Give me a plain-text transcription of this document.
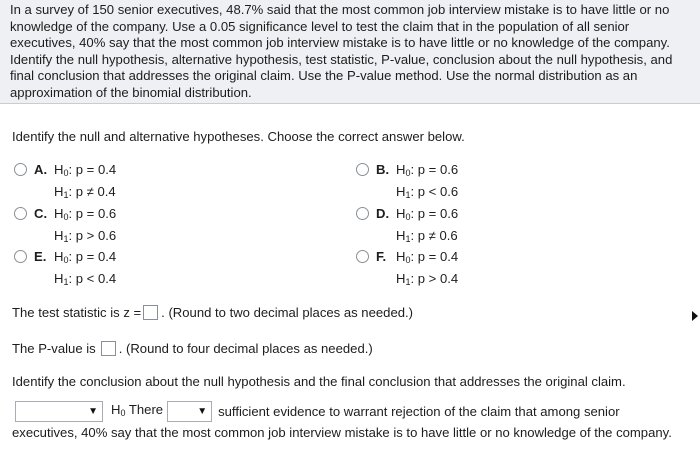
In a survey of 150 senior executives, 48.7% said that the most common job interview mistake is to have little or no knowledge of the company. Use a 0.05 significance level to test the claim that in the population of all senior executives, 40% say that the most common job interview mistake is to have little or no knowledge of the company. Identify the null hypothesis, alternative hypothesis, test statistic, P-value, conclusion about the null hypothesis, and final conclusion that addresses the original claim. Use the P-value method. Use the normal distribution as an approximation of the binomial distribution.

Identify the null and alternative hypotheses. Choose the correct answer below.
A. $H_0$: p = 0.4
$H_1$: p ≠ 0.4
B. $H_0$: p = 0.6
$H_1$: p < 0.6
C. $H_0$: p = 0.6
$H_1$: p > 0.6
D. $H_0$: p = 0.6
$H_1$: p ≠ 0.6
E. $H_0$: p = 0.4
$H_1$: p < 0.4
F. $H_0$: p = 0.4
$H_1$: p > 0.4
The test statistic is z = . (Round to two decimal places as needed.)
The P-value is . (Round to four decimal places as needed.)
Identify the conclusion about the null hypothesis and the final conclusion that addresses the original claim.
▼ $H_0$ There	▼ sufficient evidence to warrant rejection of the claim that among senior
executives, 40% say that the most common job interview mistake is to have little or no knowledge of the company.
